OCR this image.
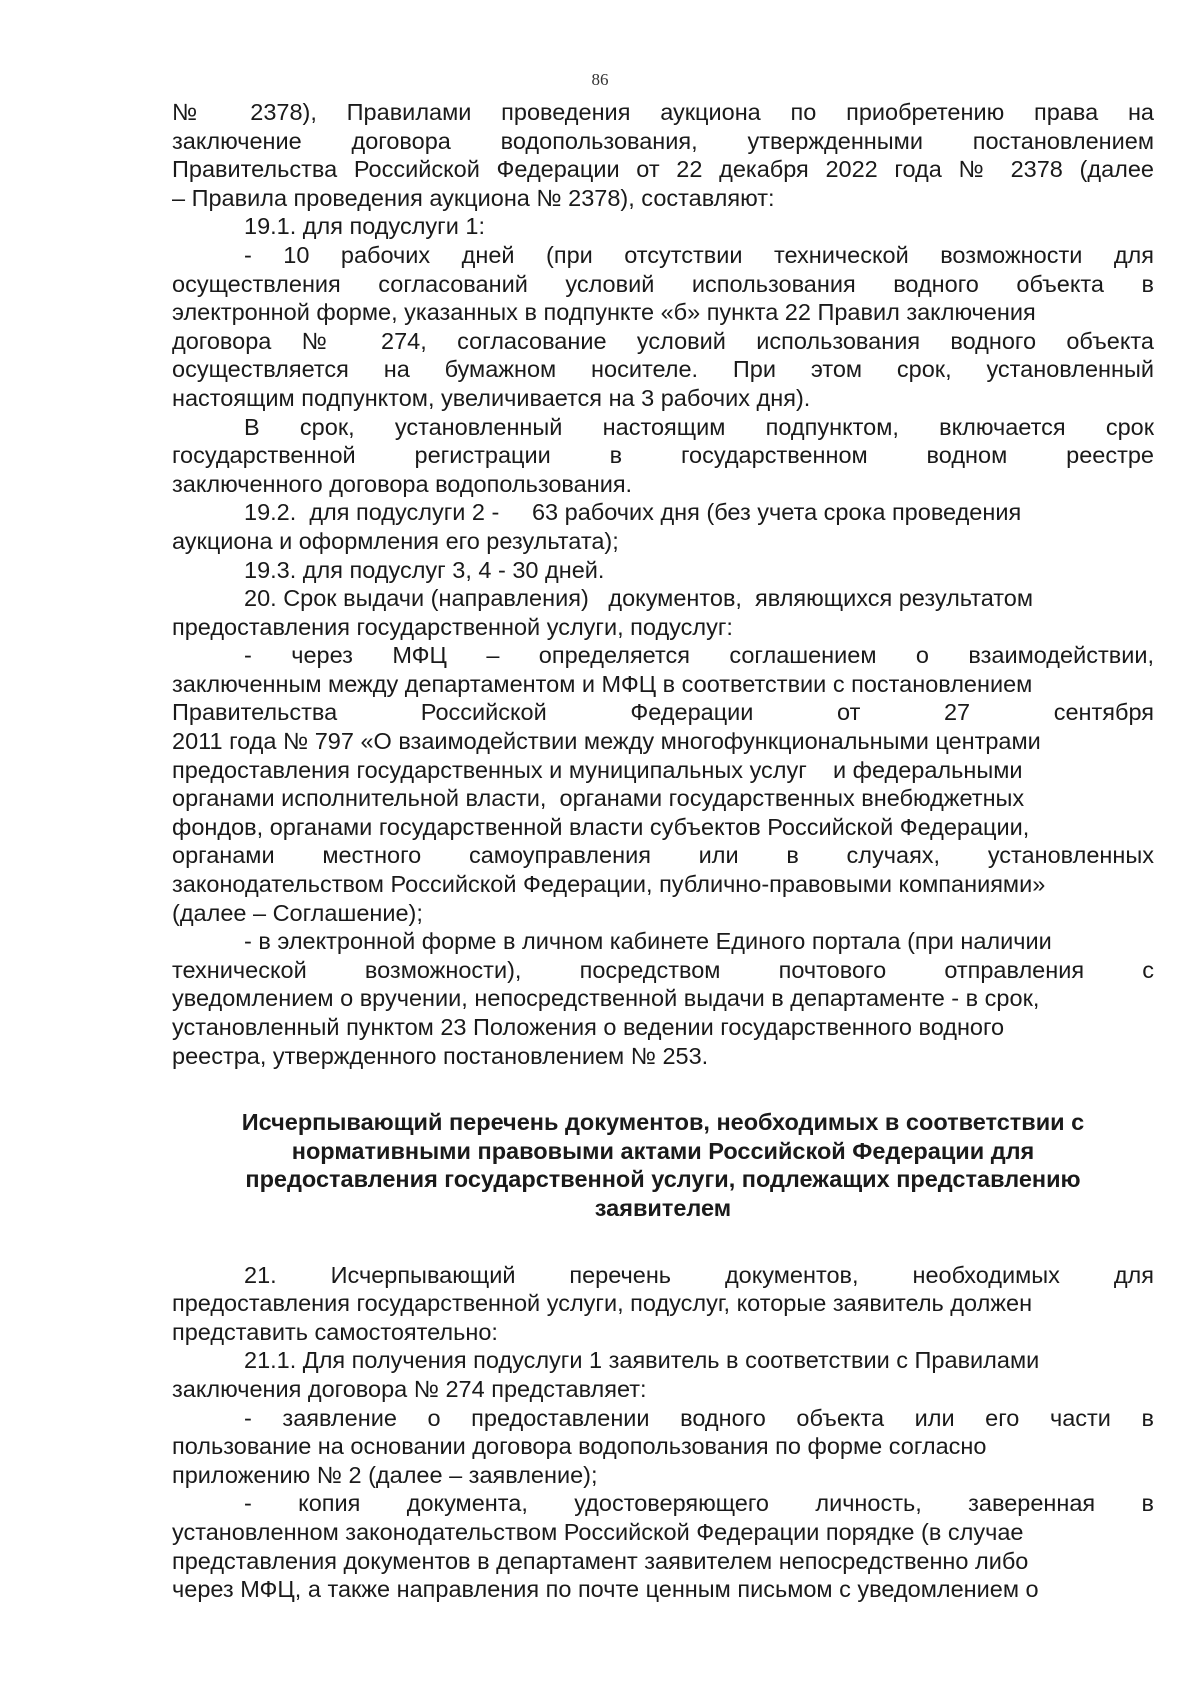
86
№ 2378), Правилами проведения аукциона по приобретению права на
заключение договора водопользования, утвержденными постановлением
Правительства Российской Федерации от 22 декабря 2022 года № 2378 (далее
– Правила проведения аукциона № 2378), составляют:
19.1. для подуслуги 1:
- 10 рабочих дней (при отсутствии технической возможности для
осуществления согласований условий использования водного объекта в
электронной форме, указанных в подпункте «б» пункта 22 Правил заключения
договора № 274, согласование условий использования водного объекта
осуществляется на бумажном носителе. При этом срок, установленный
настоящим подпунктом, увеличивается на 3 рабочих дня).
В срок, установленный настоящим подпунктом, включается срок
государственной регистрации в государственном водном реестре
заключенного договора водопользования.
19.2.  для подуслуги 2 -     63 рабочих дня (без учета срока проведения
аукциона и оформления его результата);
19.3. для подуслуг 3, 4 - 30 дней.
20. Срок выдачи (направления)   документов,  являющихся результатом
предоставления государственной услуги, подуслуг:
- через МФЦ – определяется соглашением о взаимодействии,
заключенным между департаментом и МФЦ в соответствии с постановлением
Правительства Российской Федерации от 27 сентября
2011 года № 797 «О взаимодействии между многофункциональными центрами
предоставления государственных и муниципальных услуг    и федеральными
органами исполнительной власти,  органами государственных внебюджетных
фондов, органами государственной власти субъектов Российской Федерации,
органами местного самоуправления или в случаях, установленных
законодательством Российской Федерации, публично-правовыми компаниями»
(далее – Соглашение);
- в электронной форме в личном кабинете Единого портала (при наличии
технической возможности), посредством почтового отправления с
уведомлением о вручении, непосредственной выдачи в департаменте - в срок,
установленный пунктом 23 Положения о ведении государственного водного
реестра, утвержденного постановлением № 253.
Исчерпывающий перечень документов, необходимых в соответствии с
нормативными правовыми актами Российской Федерации для
предоставления государственной услуги, подлежащих представлению
заявителем
21. Исчерпывающий перечень документов, необходимых для
предоставления государственной услуги, подуслуг, которые заявитель должен
представить самостоятельно:
21.1. Для получения подуслуги 1 заявитель в соответствии с Правилами
заключения договора № 274 представляет:
- заявление о предоставлении водного объекта или его части в
пользование на основании договора водопользования по форме согласно
приложению № 2 (далее – заявление);
- копия документа, удостоверяющего личность, заверенная в
установленном законодательством Российской Федерации порядке (в случае
представления документов в департамент заявителем непосредственно либо
через МФЦ, а также направления по почте ценным письмом с уведомлением о
